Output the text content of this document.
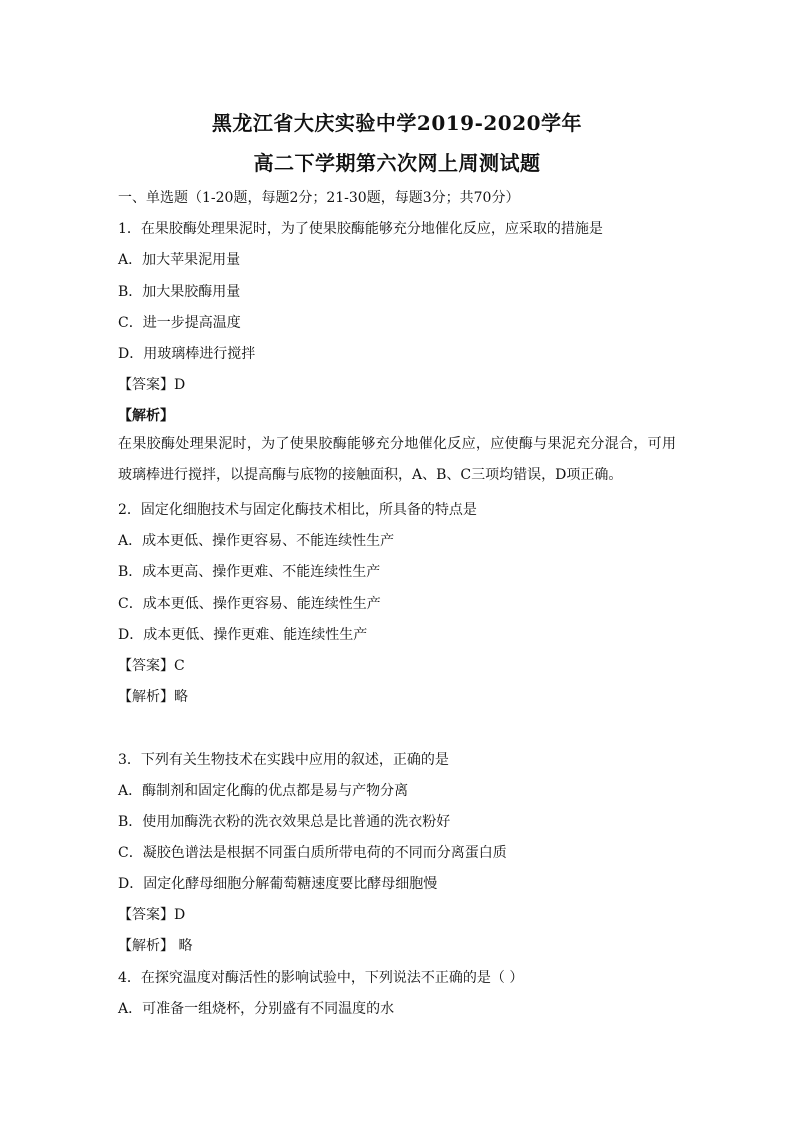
黑龙江省大庆实验中学2019-2020学年
高二下学期第六次网上周测试题
一、单选题（1-20题，每题2分；21-30题，每题3分；共70分）
1．在果胶酶处理果泥时，为了使果胶酶能够充分地催化反应，应采取的措施是
A．加大苹果泥用量
B．加大果胶酶用量
C．进一步提高温度
D．用玻璃棒进行搅拌
【答案】D
【解析】
在果胶酶处理果泥时，为了使果胶酶能够充分地催化反应，应使酶与果泥充分混合，可用玻璃棒进行搅拌，以提高酶与底物的接触面积，A、B、C三项均错误，D项正确。
2．固定化细胞技术与固定化酶技术相比，所具备的特点是
A．成本更低、操作更容易、不能连续性生产
B．成本更高、操作更难、不能连续性生产
C．成本更低、操作更容易、能连续性生产
D．成本更低、操作更难、能连续性生产
【答案】C
【解析】略
3．下列有关生物技术在实践中应用的叙述，正确的是
A．酶制剂和固定化酶的优点都是易与产物分离
B．使用加酶洗衣粉的洗衣效果总是比普通的洗衣粉好
C．凝胶色谱法是根据不同蛋白质所带电荷的不同而分离蛋白质
D．固定化酵母细胞分解葡萄糖速度要比酵母细胞慢
【答案】D
【解析】 略
4．在探究温度对酶活性的影响试验中，下列说法不正确的是（ ）
A．可准备一组烧杯，分别盛有不同温度的水
